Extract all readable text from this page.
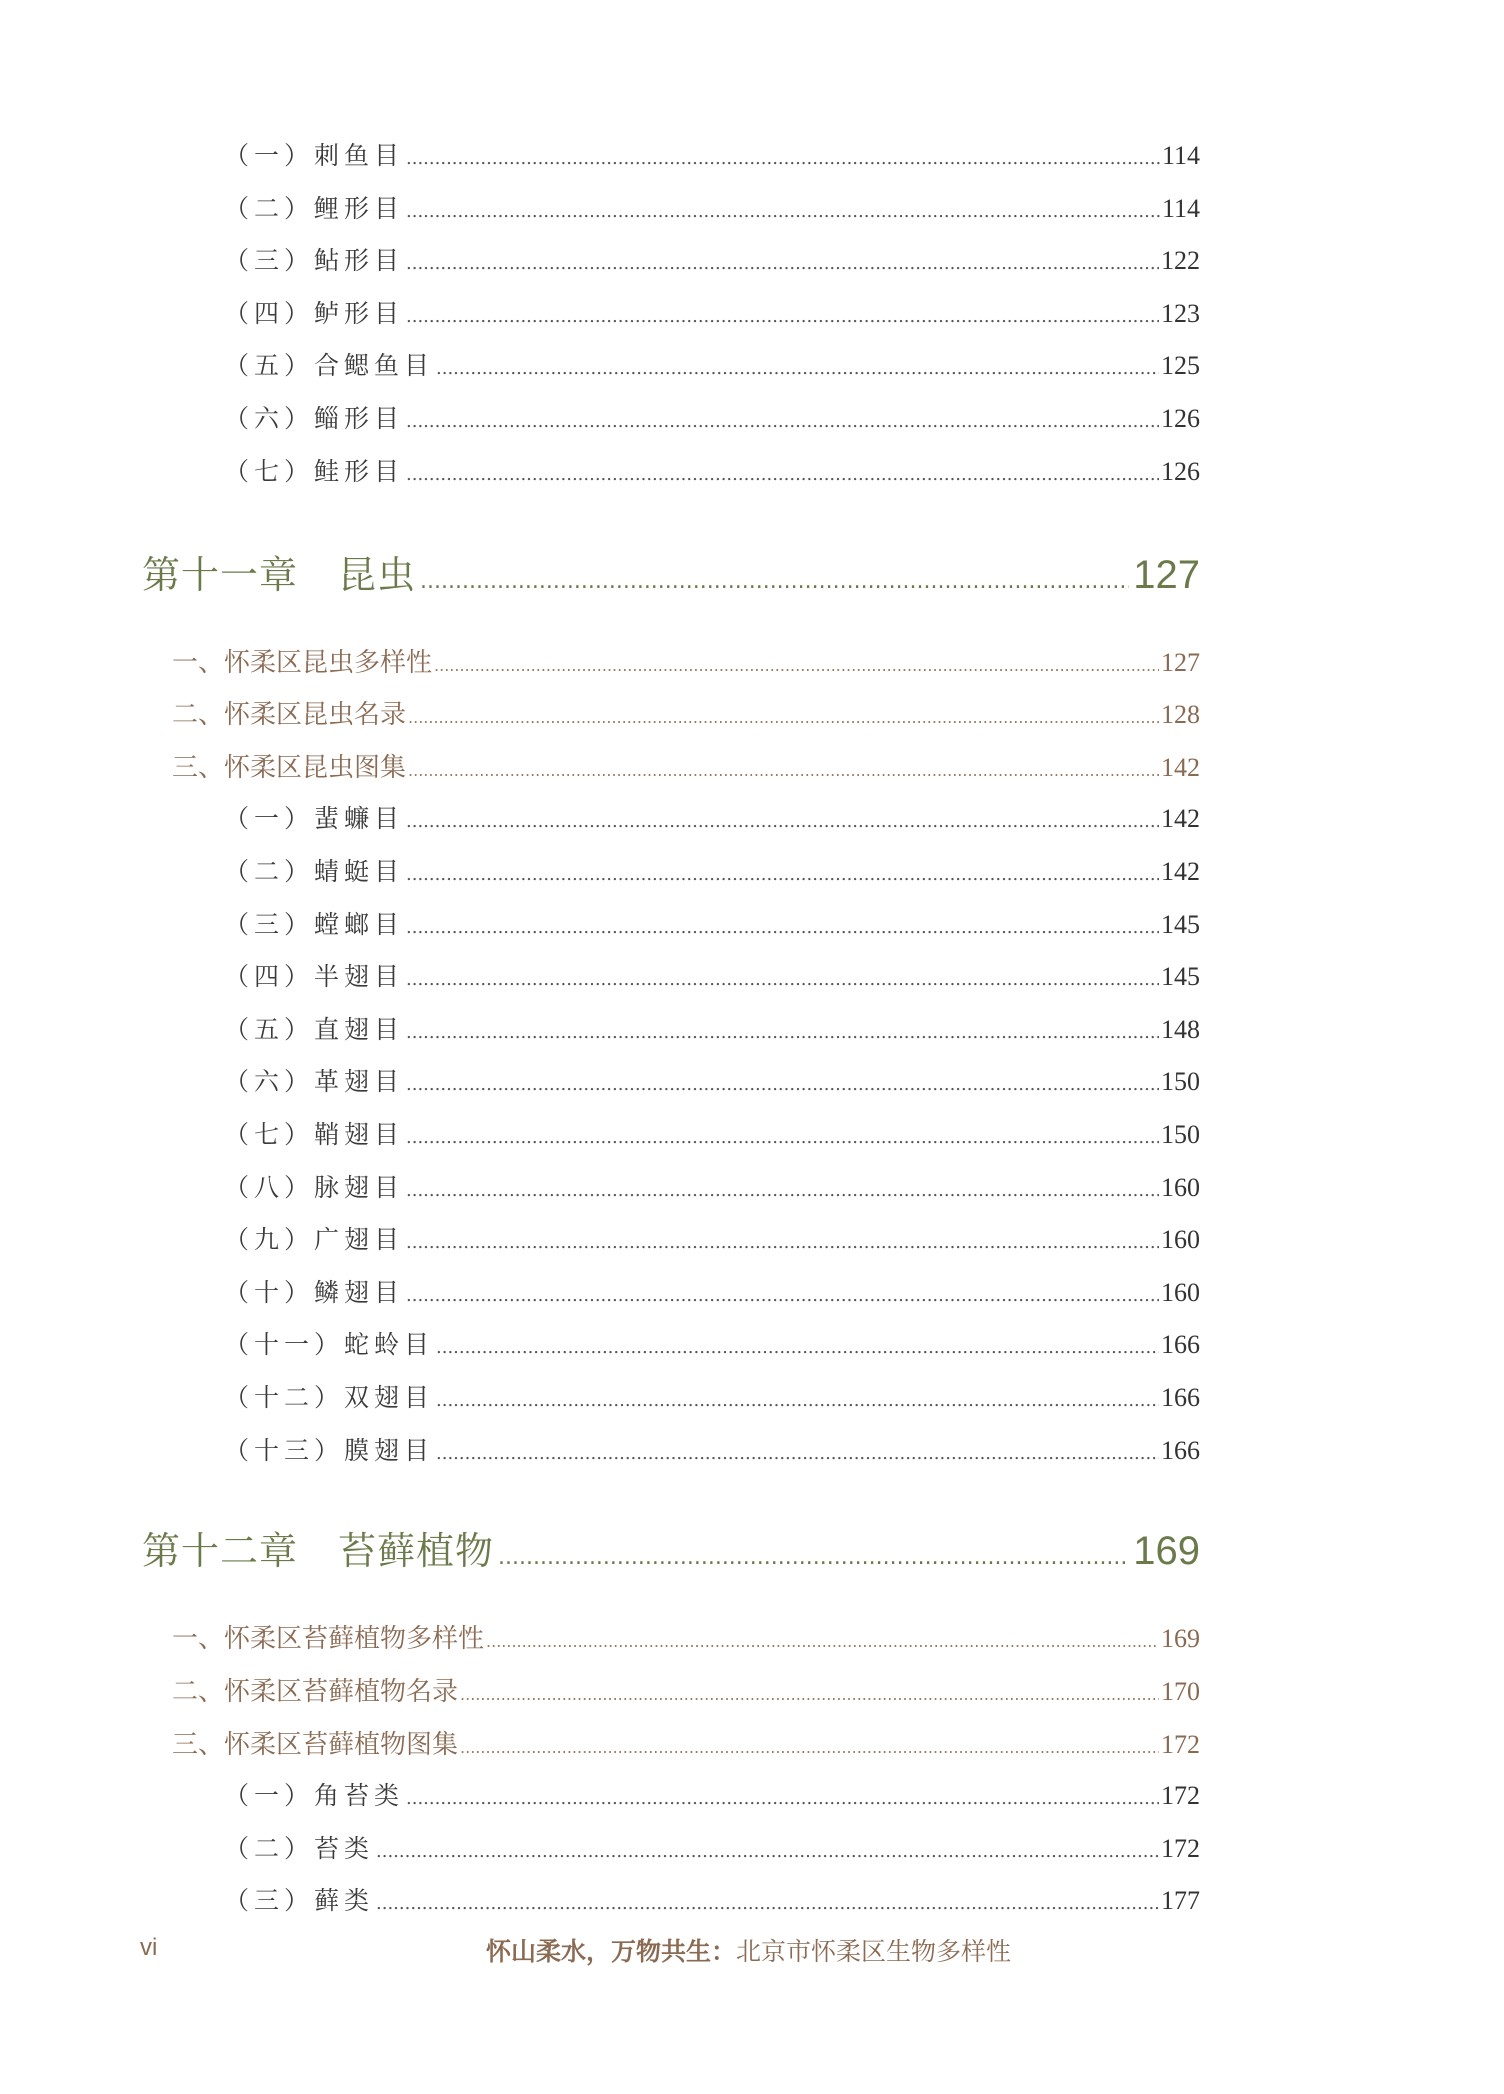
（一）刺鱼目 .....	114
（二）鲤形目 .....	114
（三）鲇形目 .....	122
（四）鲈形目 .....	123
（五）合鳃鱼目 .....	125
（六）鲻形目 .....	126
（七）鲑形目 .....	126
第十一章 昆虫 .....	127
一、怀柔区昆虫多样性 .....	127
二、怀柔区昆虫名录 .....	128
三、怀柔区昆虫图集 .....	142
（一）蜚蠊目 .....	142
（二）蜻蜓目 .....	142
（三）螳螂目 .....	145
（四）半翅目 .....	145
（五）直翅目 .....	148
（六）革翅目 .....	150
（七）鞘翅目 .....	150
（八）脉翅目 .....	160
（九）广翅目 .....	160
（十）鳞翅目 .....	160
（十一）蛇蛉目 .....	166
（十二）双翅目 .....	166
（十三）膜翅目 .....	166
第十二章 苔藓植物 .....	169
一、怀柔区苔藓植物多样性 .....	169
二、怀柔区苔藓植物名录 .....	170
三、怀柔区苔藓植物图集 .....	172
（一）角苔类 .....	172
（二）苔类 .....	172
（三）藓类 .....	177
vi	怀山柔水，万物共生：北京市怀柔区生物多样性
